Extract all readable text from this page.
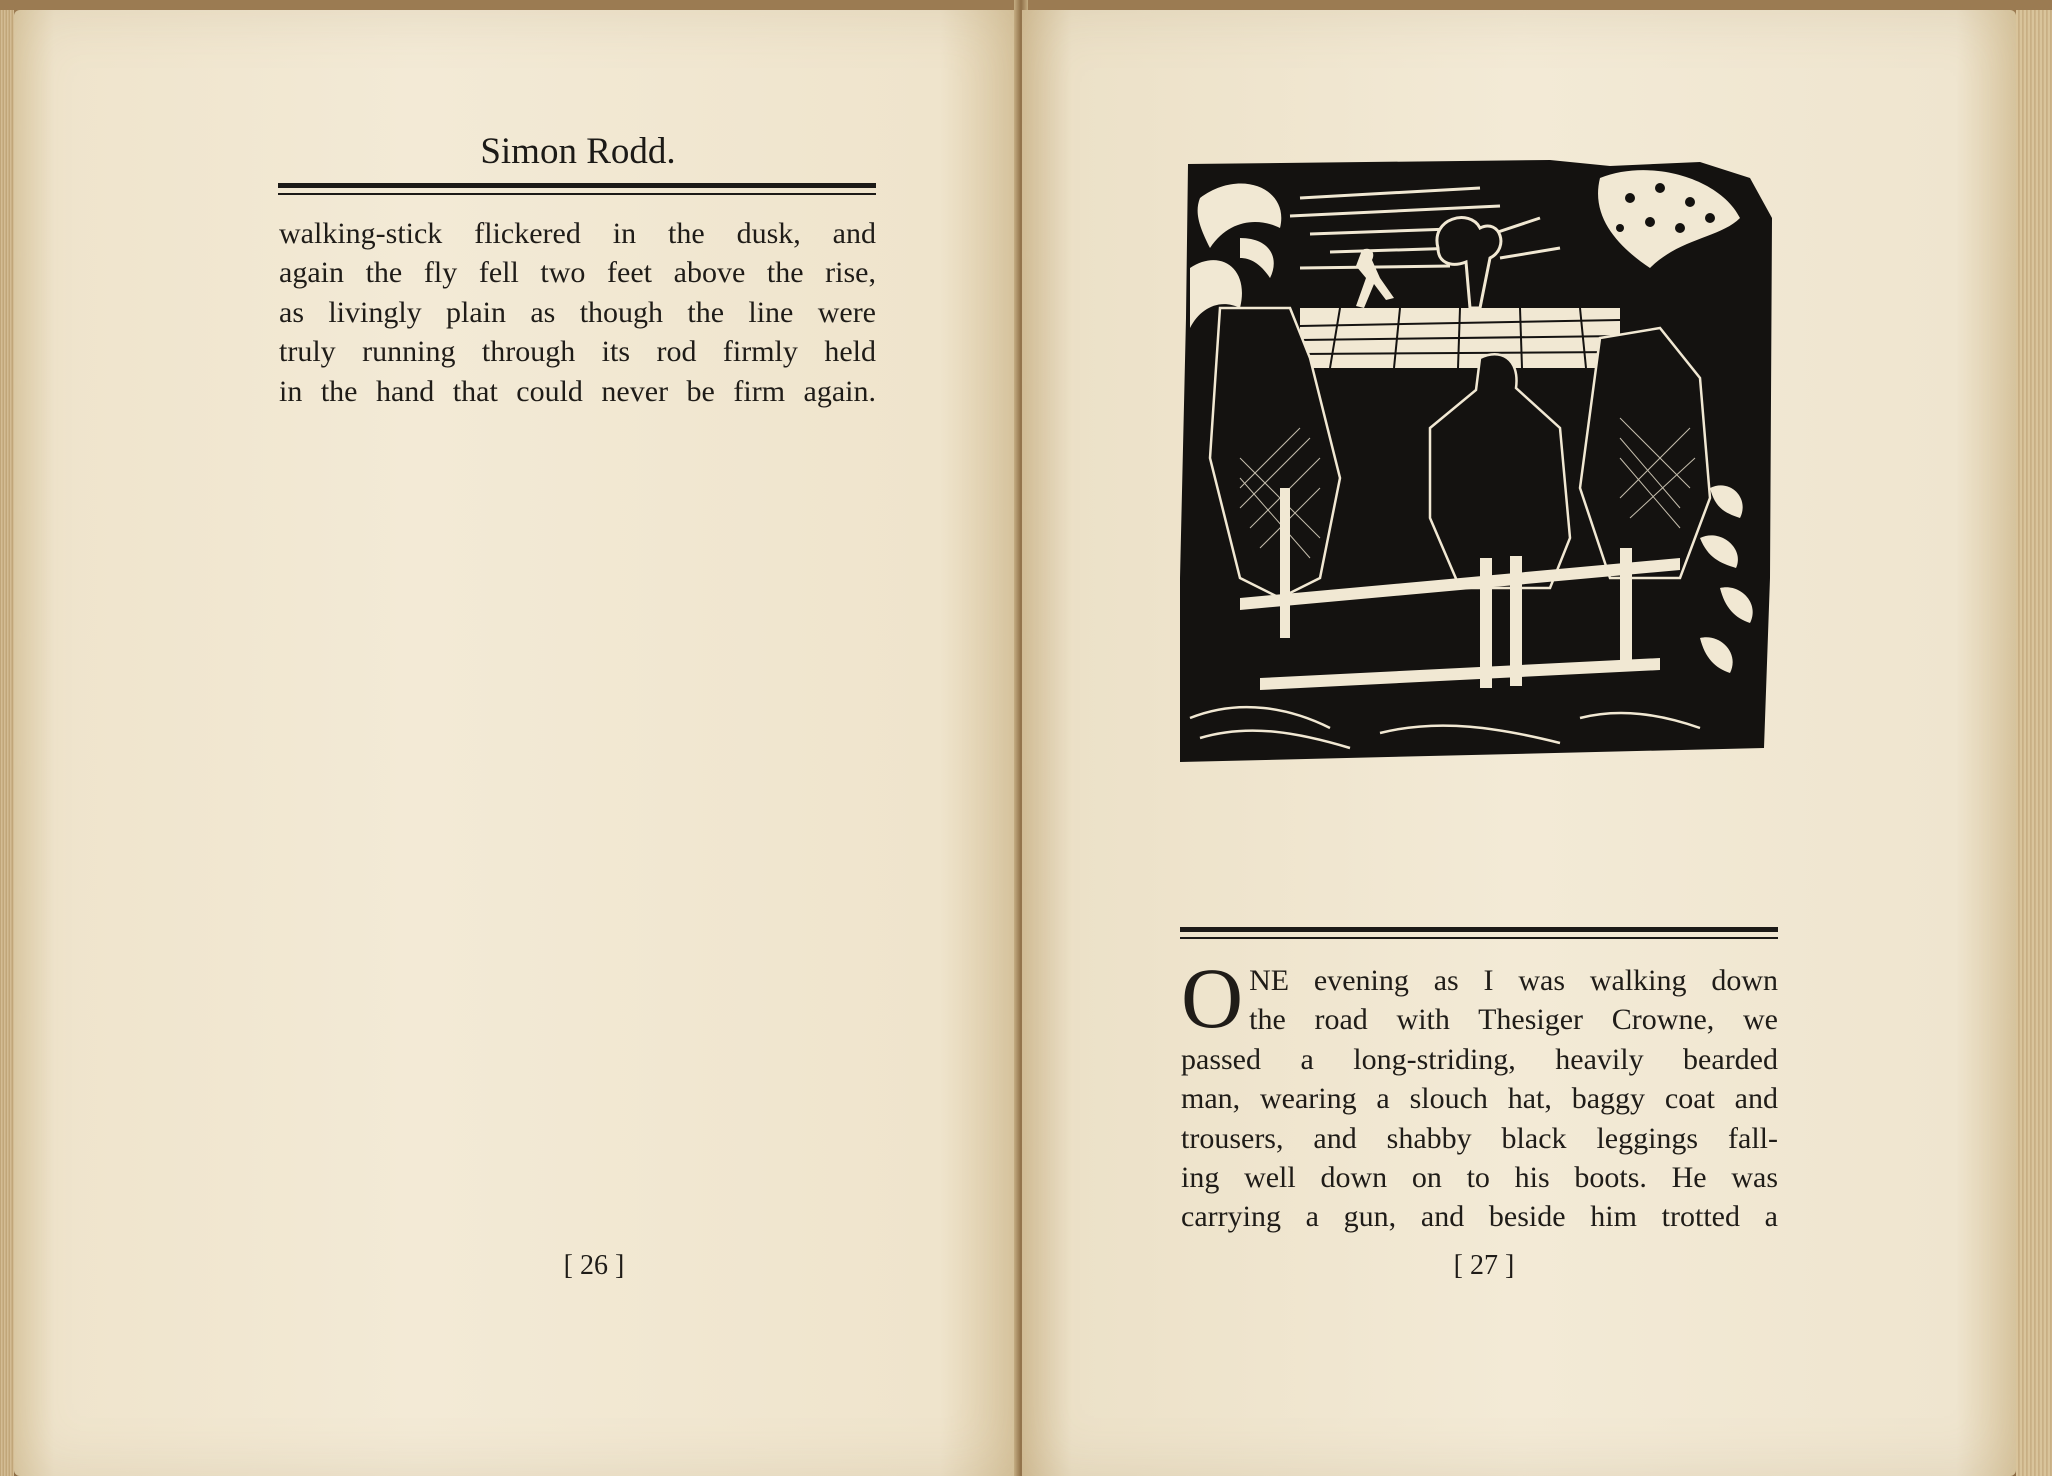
Simon Rodd.
walking-stick flickered in the dusk, and
again the fly fell two feet above the rise,
as livingly plain as though the line were
truly running through its rod firmly held
in the hand that could never be firm again.
[ 26 ]
O NE evening as I was walking down
the road with Thesiger Crowne, we
passed a long-striding, heavily bearded
man, wearing a slouch hat, baggy coat and
trousers, and shabby black leggings fall-
ing well down on to his boots. He was
carrying a gun, and beside him trotted a
[ 27 ]
